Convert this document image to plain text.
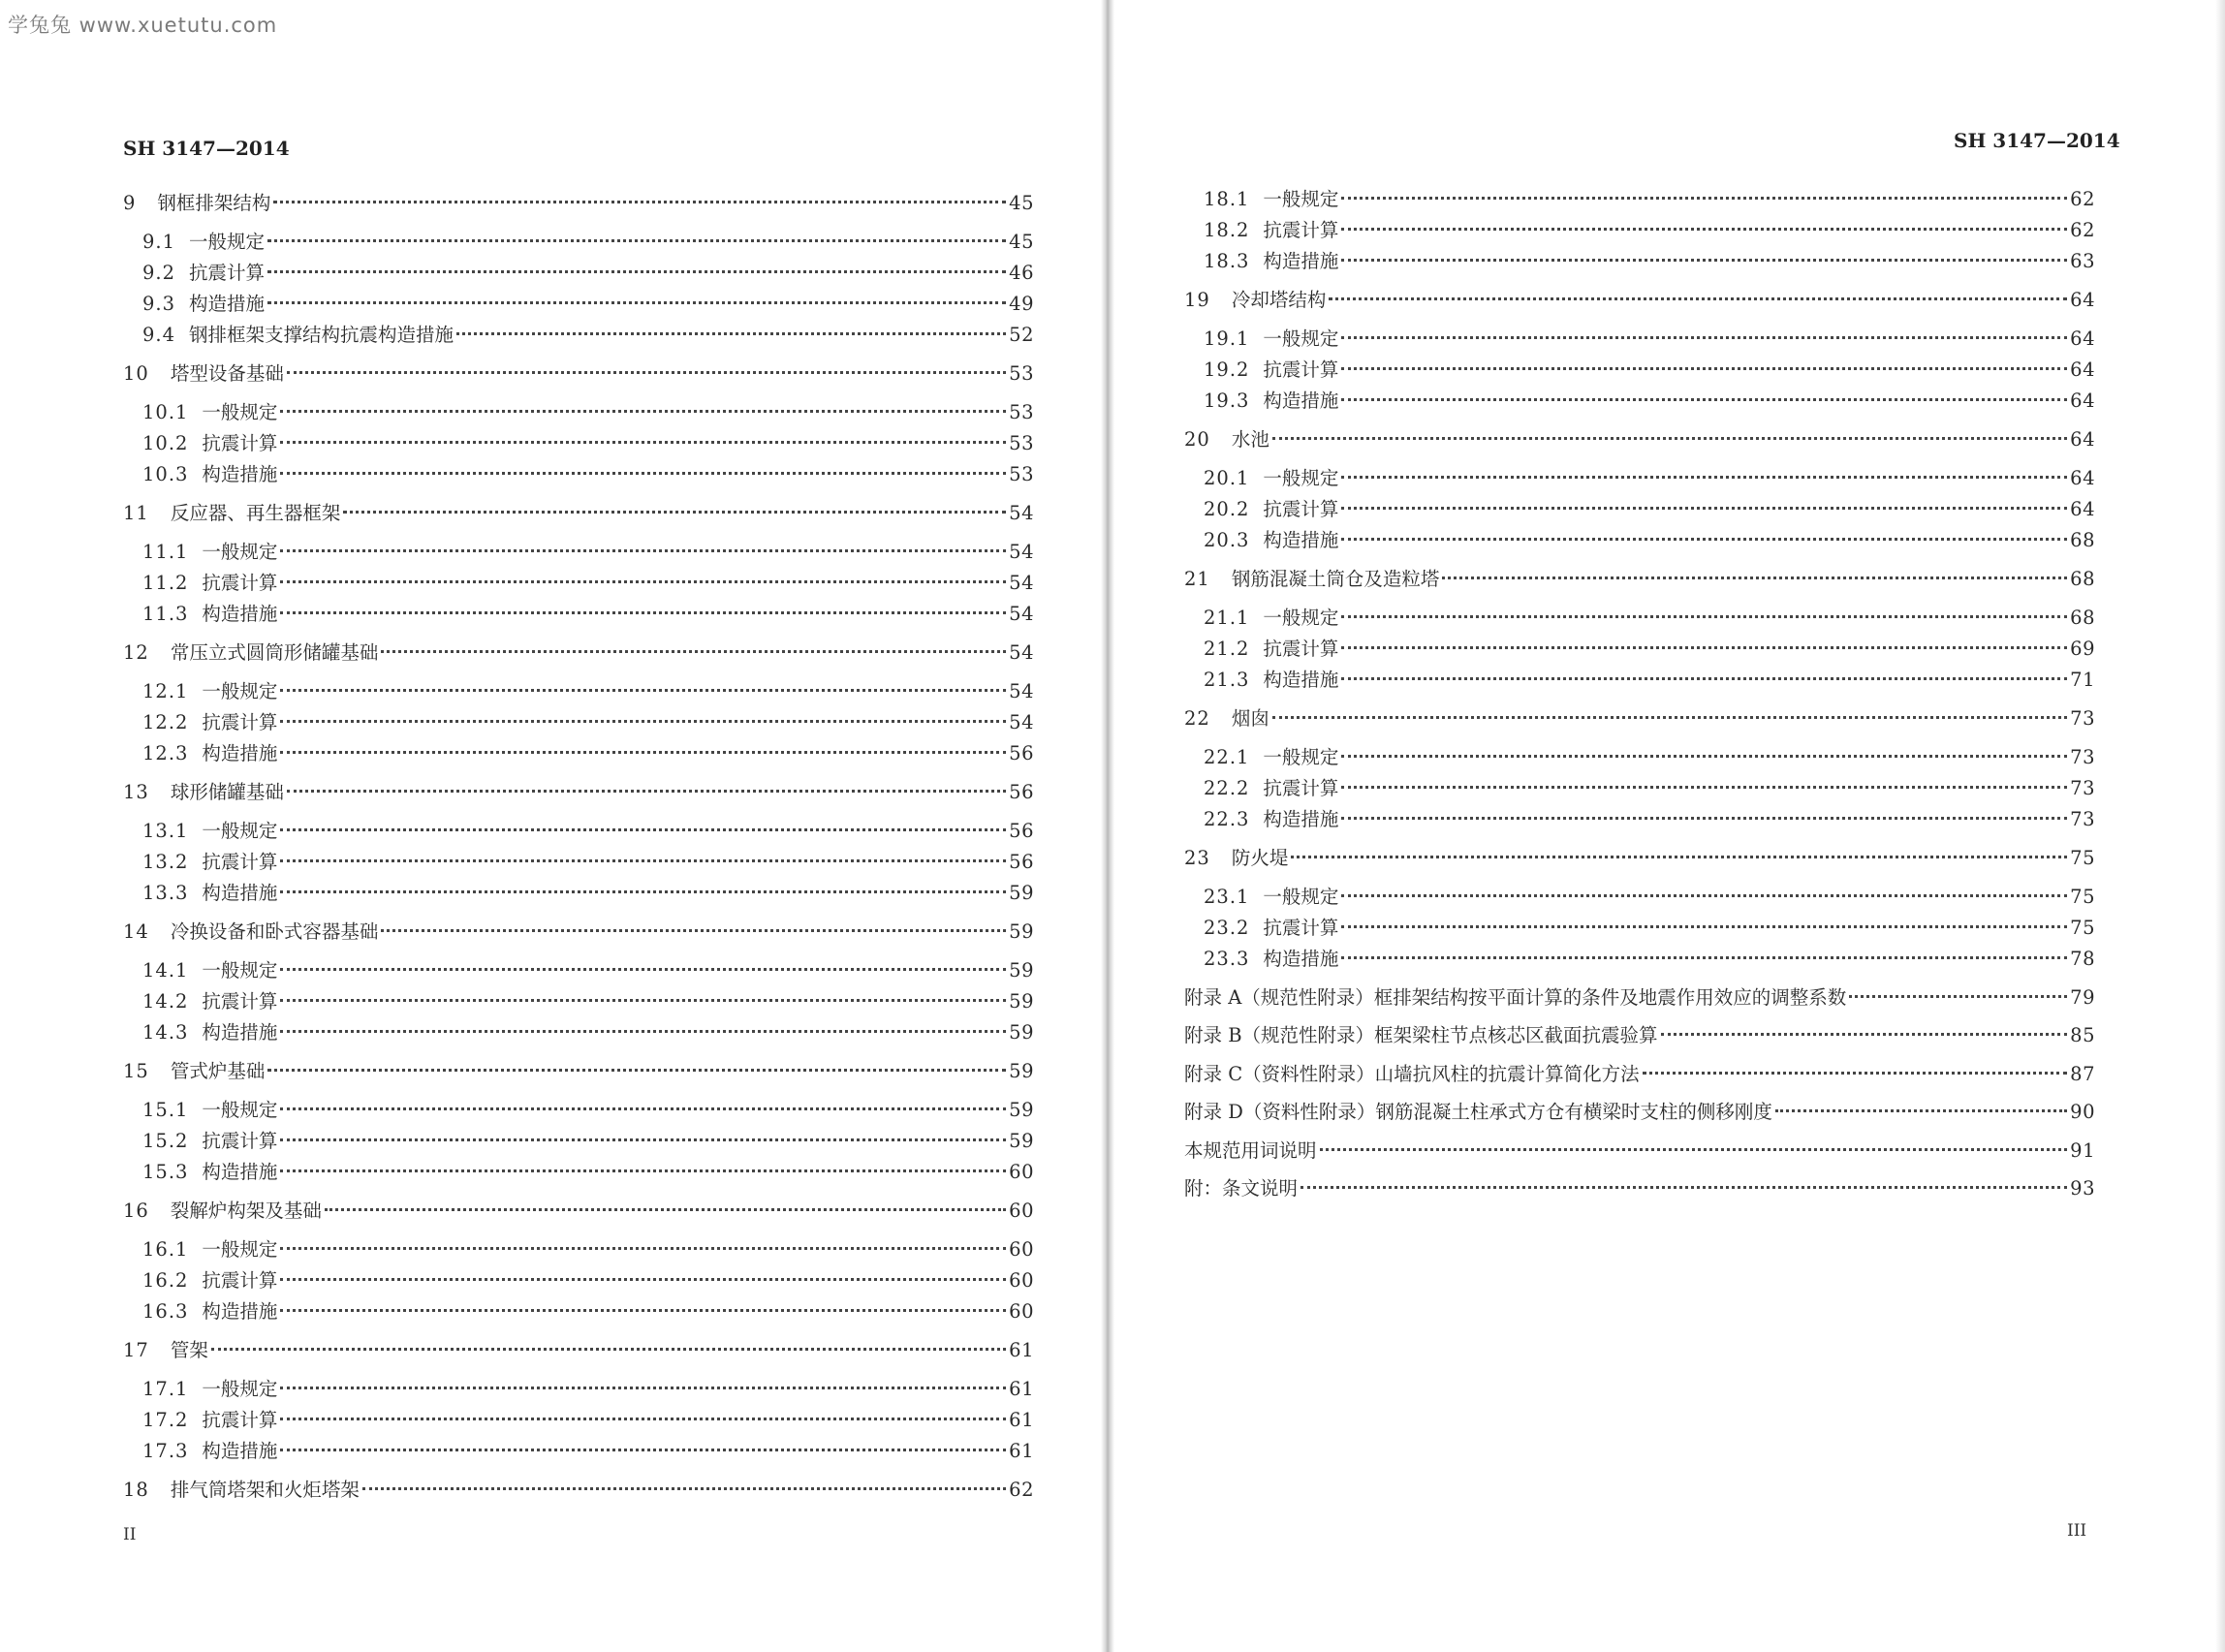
学兔兔 www.xuetutu.com
SH 3147—2014	SH 3147—2014
9 钢框排架结构	45
9.1 一般规定	45
9.2 抗震计算	46
9.3 构造措施	49
9.4 钢排框架支撑结构抗震构造措施	52
10 塔型设备基础	53
10.1 一般规定	53
10.2 抗震计算	53
10.3 构造措施	53
11 反应器、再生器框架	54
11.1 一般规定	54
11.2 抗震计算	54
11.3 构造措施	54
12 常压立式圆筒形储罐基础	54
12.1 一般规定	54
12.2 抗震计算	54
12.3 构造措施	56
13 球形储罐基础	56
13.1 一般规定	56
13.2 抗震计算	56
13.3 构造措施	59
14 冷换设备和卧式容器基础	59
14.1 一般规定	59
14.2 抗震计算	59
14.3 构造措施	59
15 管式炉基础	59
15.1 一般规定	59
15.2 抗震计算	59
15.3 构造措施	60
16 裂解炉构架及基础	60
16.1 一般规定	60
16.2 抗震计算	60
16.3 构造措施	60
17 管架	61
17.1 一般规定	61
17.2 抗震计算	61
17.3 构造措施	61
18 排气筒塔架和火炬塔架	62
18.1 一般规定	62
18.2 抗震计算	62
18.3 构造措施	63
19 冷却塔结构	64
19.1 一般规定	64
19.2 抗震计算	64
19.3 构造措施	64
20 水池	64
20.1 一般规定	64
20.2 抗震计算	64
20.3 构造措施	68
21 钢筋混凝土筒仓及造粒塔	68
21.1 一般规定	68
21.2 抗震计算	69
21.3 构造措施	71
22 烟囱	73
22.1 一般规定	73
22.2 抗震计算	73
22.3 构造措施	73
23 防火堤	75
23.1 一般规定	75
23.2 抗震计算	75
23.3 构造措施	78
附录 A（规范性附录）框排架结构按平面计算的条件及地震作用效应的调整系数	79
附录 B（规范性附录）框架梁柱节点核芯区截面抗震验算	85
附录 C（资料性附录）山墙抗风柱的抗震计算简化方法	87
附录 D（资料性附录）钢筋混凝土柱承式方仓有横梁时支柱的侧移刚度	90
本规范用词说明	91
附：条文说明	93
II	III
